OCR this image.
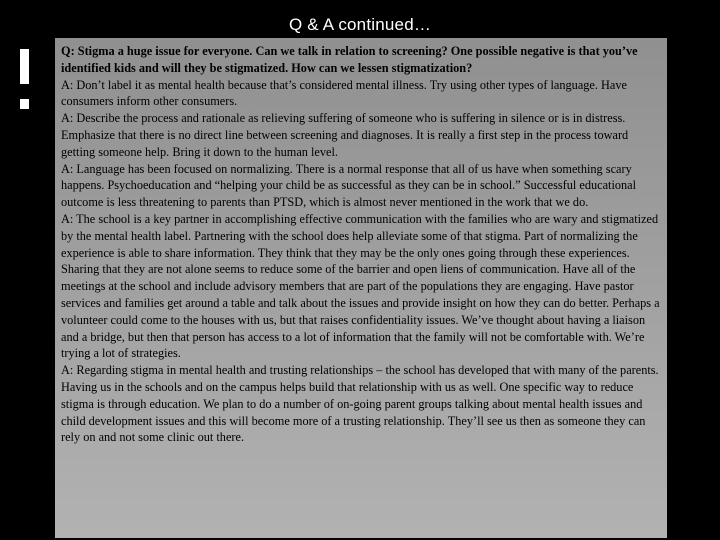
Q & A continued…

Q: Stigma a huge issue for everyone. Can we talk in relation to screening? One possible negative is that you’ve identified kids and will they be stigmatized. How can we lessen stigmatization?

A: Don’t label it as mental health because that’s considered mental illness. Try using other types of language. Have consumers inform other consumers.

A: Describe the process and rationale as relieving suffering of someone who is suffering in silence or is in distress. Emphasize that there is no direct line between screening and diagnoses. It is really a first step in the process toward getting someone help. Bring it down to the human level.

A: Language has been focused on normalizing. There is a normal response that all of us have when something scary happens. Psychoeducation and “helping your child be as successful as they can be in school.” Successful educational outcome is less threatening to parents than PTSD, which is almost never mentioned in the work that we do.

A: The school is a key partner in accomplishing effective communication with the families who are wary and stigmatized by the mental health label. Partnering with the school does help alleviate some of that stigma. Part of normalizing the experience is able to share information. They think that they may be the only ones going through these experiences. Sharing that they are not alone seems to reduce some of the barrier and open liens of communication. Have all of the meetings at the school and include advisory members that are part of the populations they are engaging. Have pastor services and families get around a table and talk about the issues and provide insight on how they can do better. Perhaps a volunteer could come to the houses with us, but that raises confidentiality issues. We’ve thought about having a liaison and a bridge, but then that person has access to a lot of information that the family will not be comfortable with. We’re trying a lot of strategies.

A: Regarding stigma in mental health and trusting relationships – the school has developed that with many of the parents. Having us in the schools and on the campus helps build that relationship with us as well. One specific way to reduce stigma is through education. We plan to do a number of on-going parent groups talking about mental health issues and child development issues and this will become more of a trusting relationship. They’ll see us then as someone they can rely on and not some clinic out there.
